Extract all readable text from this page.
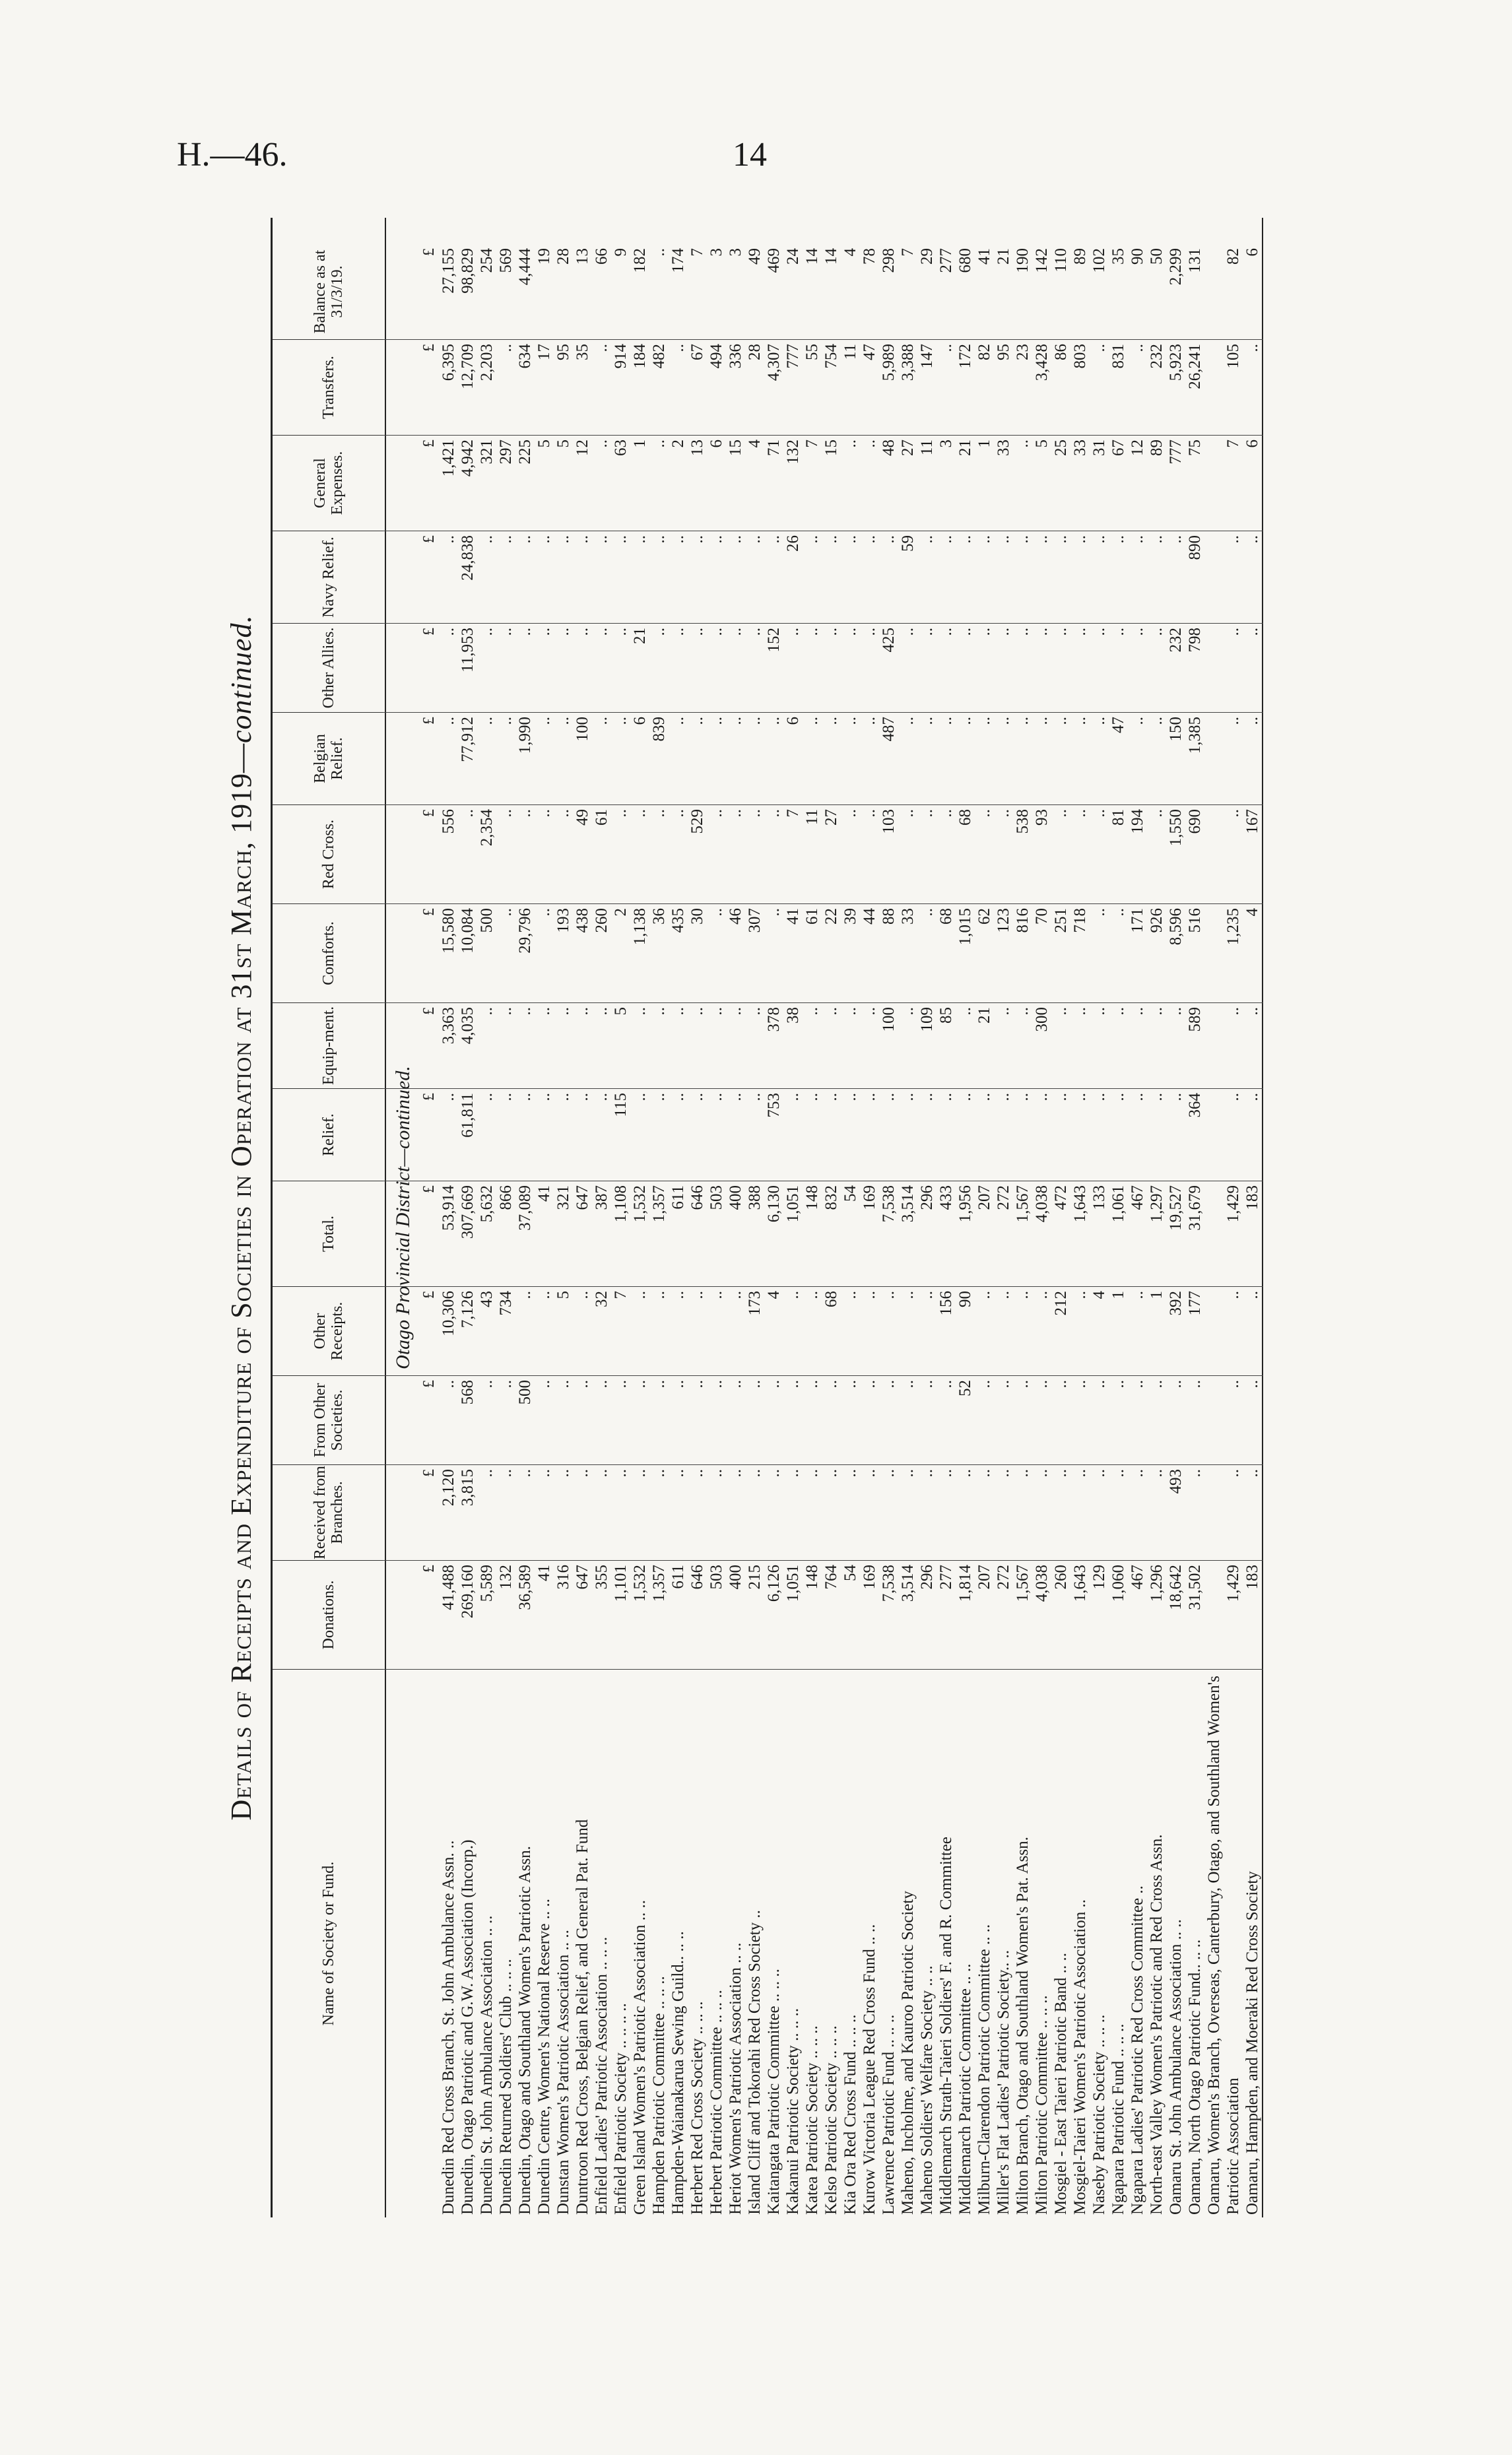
H.—46.	14
Details of Receipts and Expenditure of Societies in Operation at 31st March, 1919—continued.
Name of Society or Fund.
Donations.
Received from Branches.
From Other Societies.
Other Receipts.
Total.
Relief.
Equip-ment.
Comforts.
Red Cross.
Belgian Relief.
Other Allies.
Navy Relief.
General Expenses.
Transfers.
Balance as at 31/3/19.
Otago Provincial District—continued.
£
£
£
£
£
£
£
£
£
£
£
£
£
£
£
Dunedin Red Cross Branch, St. John Ambulance Assn. ..
41,488
2,120
..
10,306
53,914
..
3,363
15,580
556
..
..
..
1,421
6,395
27,155
Dunedin, Otago Patriotic and G.W. Association (Incorp.)
269,160
3,815
568
7,126
307,669
61,811
4,035
10,084
..
77,912
11,953
24,838
4,942
12,709
98,829
Dunedin St. John Ambulance Association .. ..
5,589
..
..
43
5,632
..
..
500
2,354
..
..
..
321
2,203
254
Dunedin Returned Soldiers' Club .. .. ..
132
..
..
734
866
..
..
..
..
..
..
..
297
..
569
Dunedin, Otago and Southland Women's Patriotic Assn.
36,589
..
500
..
37,089
..
..
29,796
..
1,990
..
..
225
634
4,444
Dunedin Centre, Women's National Reserve .. ..
41
..
..
..
41
..
..
..
..
..
..
..
5
17
19
Dunstan Women's Patriotic Association .. ..
316
..
..
5
321
..
..
193
..
..
..
..
5
95
28
Duntroon Red Cross, Belgian Relief, and General Pat. Fund
647
..
..
..
647
..
..
438
49
100
..
..
12
35
13
Enfield Ladies' Patriotic Association .. .. ..
355
..
..
32
387
..
..
260
61
..
..
..
..
..
66
Enfield Patriotic Society .. .. .. ..
1,101
..
..
7
1,108
115
5
2
..
..
..
..
63
914
9
Green Island Women's Patriotic Association .. ..
1,532
..
..
..
1,532
..
..
1,138
..
6
21
..
1
184
182
Hampden Patriotic Committee .. .. ..
1,357
..
..
..
1,357
..
..
36
..
839
..
..
..
482
..
Hampden-Waianakarua Sewing Guild.. .. ..
611
..
..
..
611
..
..
435
..
..
..
..
2
..
174
Herbert Red Cross Society .. .. ..
646
..
..
..
646
..
..
30
529
..
..
..
13
67
7
Herbert Patriotic Committee .. .. ..
503
..
..
..
503
..
..
..
..
..
..
..
6
494
3
Heriot Women's Patriotic Association .. ..
400
..
..
..
400
..
..
46
..
..
..
..
15
336
3
Island Cliff and Tokorahi Red Cross Society ..
215
..
..
173
388
..
..
307
..
..
..
..
4
28
49
Kaitangata Patriotic Committee .. .. ..
6,126
..
..
4
6,130
753
378
..
..
..
152
..
71
4,307
469
Kakanui Patriotic Society .. .. ..
1,051
..
..
..
1,051
..
38
41
7
6
..
26
132
777
24
Katea Patriotic Society .. .. ..
148
..
..
..
148
..
..
61
11
..
..
..
7
55
14
Kelso Patriotic Society .. .. ..
764
..
..
68
832
..
..
22
27
..
..
..
15
754
14
Kia Ora Red Cross Fund .. .. ..
54
..
..
..
54
..
..
39
..
..
..
..
..
11
4
Kurow Victoria League Red Cross Fund .. ..
169
..
..
..
169
..
..
44
..
..
..
..
..
47
78
Lawrence Patriotic Fund .. .. ..
7,538
..
..
..
7,538
..
100
88
103
487
425
..
48
5,989
298
Maheno, Incholme, and Kauroo Patriotic Society
3,514
..
..
..
3,514
..
..
33
..
..
..
59
27
3,388
7
Maheno Soldiers' Welfare Society .. ..
296
..
..
..
296
..
109
..
..
..
..
..
11
147
29
Middlemarch Strath-Taieri Soldiers' F. and R. Committee
277
..
..
156
433
..
85
68
..
..
..
..
3
..
277
Middlemarch Patriotic Committee .. ..
1,814
..
52
90
1,956
..
..
1,015
68
..
..
..
21
172
680
Milburn-Clarendon Patriotic Committee .. ..
207
..
..
..
207
..
21
62
..
..
..
..
1
82
41
Miller's Flat Ladies' Patriotic Society.. ..
272
..
..
..
272
..
..
123
..
..
..
..
33
95
21
Milton Branch, Otago and Southland Women's Pat. Assn.
1,567
..
..
..
1,567
..
..
816
538
..
..
..
..
23
190
Milton Patriotic Committee .. .. ..
4,038
..
..
..
4,038
..
300
70
93
..
..
..
5
3,428
142
Mosgiel - East Taieri Patriotic Band .. ..
260
..
..
212
472
..
..
251
..
..
..
..
25
86
110
Mosgiel-Taieri Women's Patriotic Association ..
1,643
..
..
..
1,643
..
..
718
..
..
..
..
33
803
89
Naseby Patriotic Society .. .. ..
129
..
..
4
133
..
..
..
..
..
..
..
31
..
102
Ngapara Patriotic Fund .. .. ..
1,060
..
..
1
1,061
..
..
..
81
47
..
..
67
831
35
Ngapara Ladies' Patriotic Red Cross Committee ..
467
..
..
..
467
..
..
171
194
..
..
..
12
..
90
North-east Valley Women's Patriotic and Red Cross Assn.
1,296
..
..
1
1,297
..
..
926
..
..
..
..
89
232
50
Oamaru St. John Ambulance Association .. ..
18,642
493
..
392
19,527
..
..
8,596
1,550
150
232
..
777
5,923
2,299
Oamaru, North Otago Patriotic Fund.. .. ..
31,502
..
..
177
31,679
364
589
516
690
1,385
798
890
75
26,241
131
Oamaru, Women's Branch, Overseas, Canterbury, Otago, and Southland Women's Patriotic Association
1,429
..
..
..
1,429
..
..
1,235
..
..
..
..
7
105
82
Oamaru, Hampden, and Moeraki Red Cross Society
183
..
..
..
183
..
..
4
167
..
..
..
6
..
6
